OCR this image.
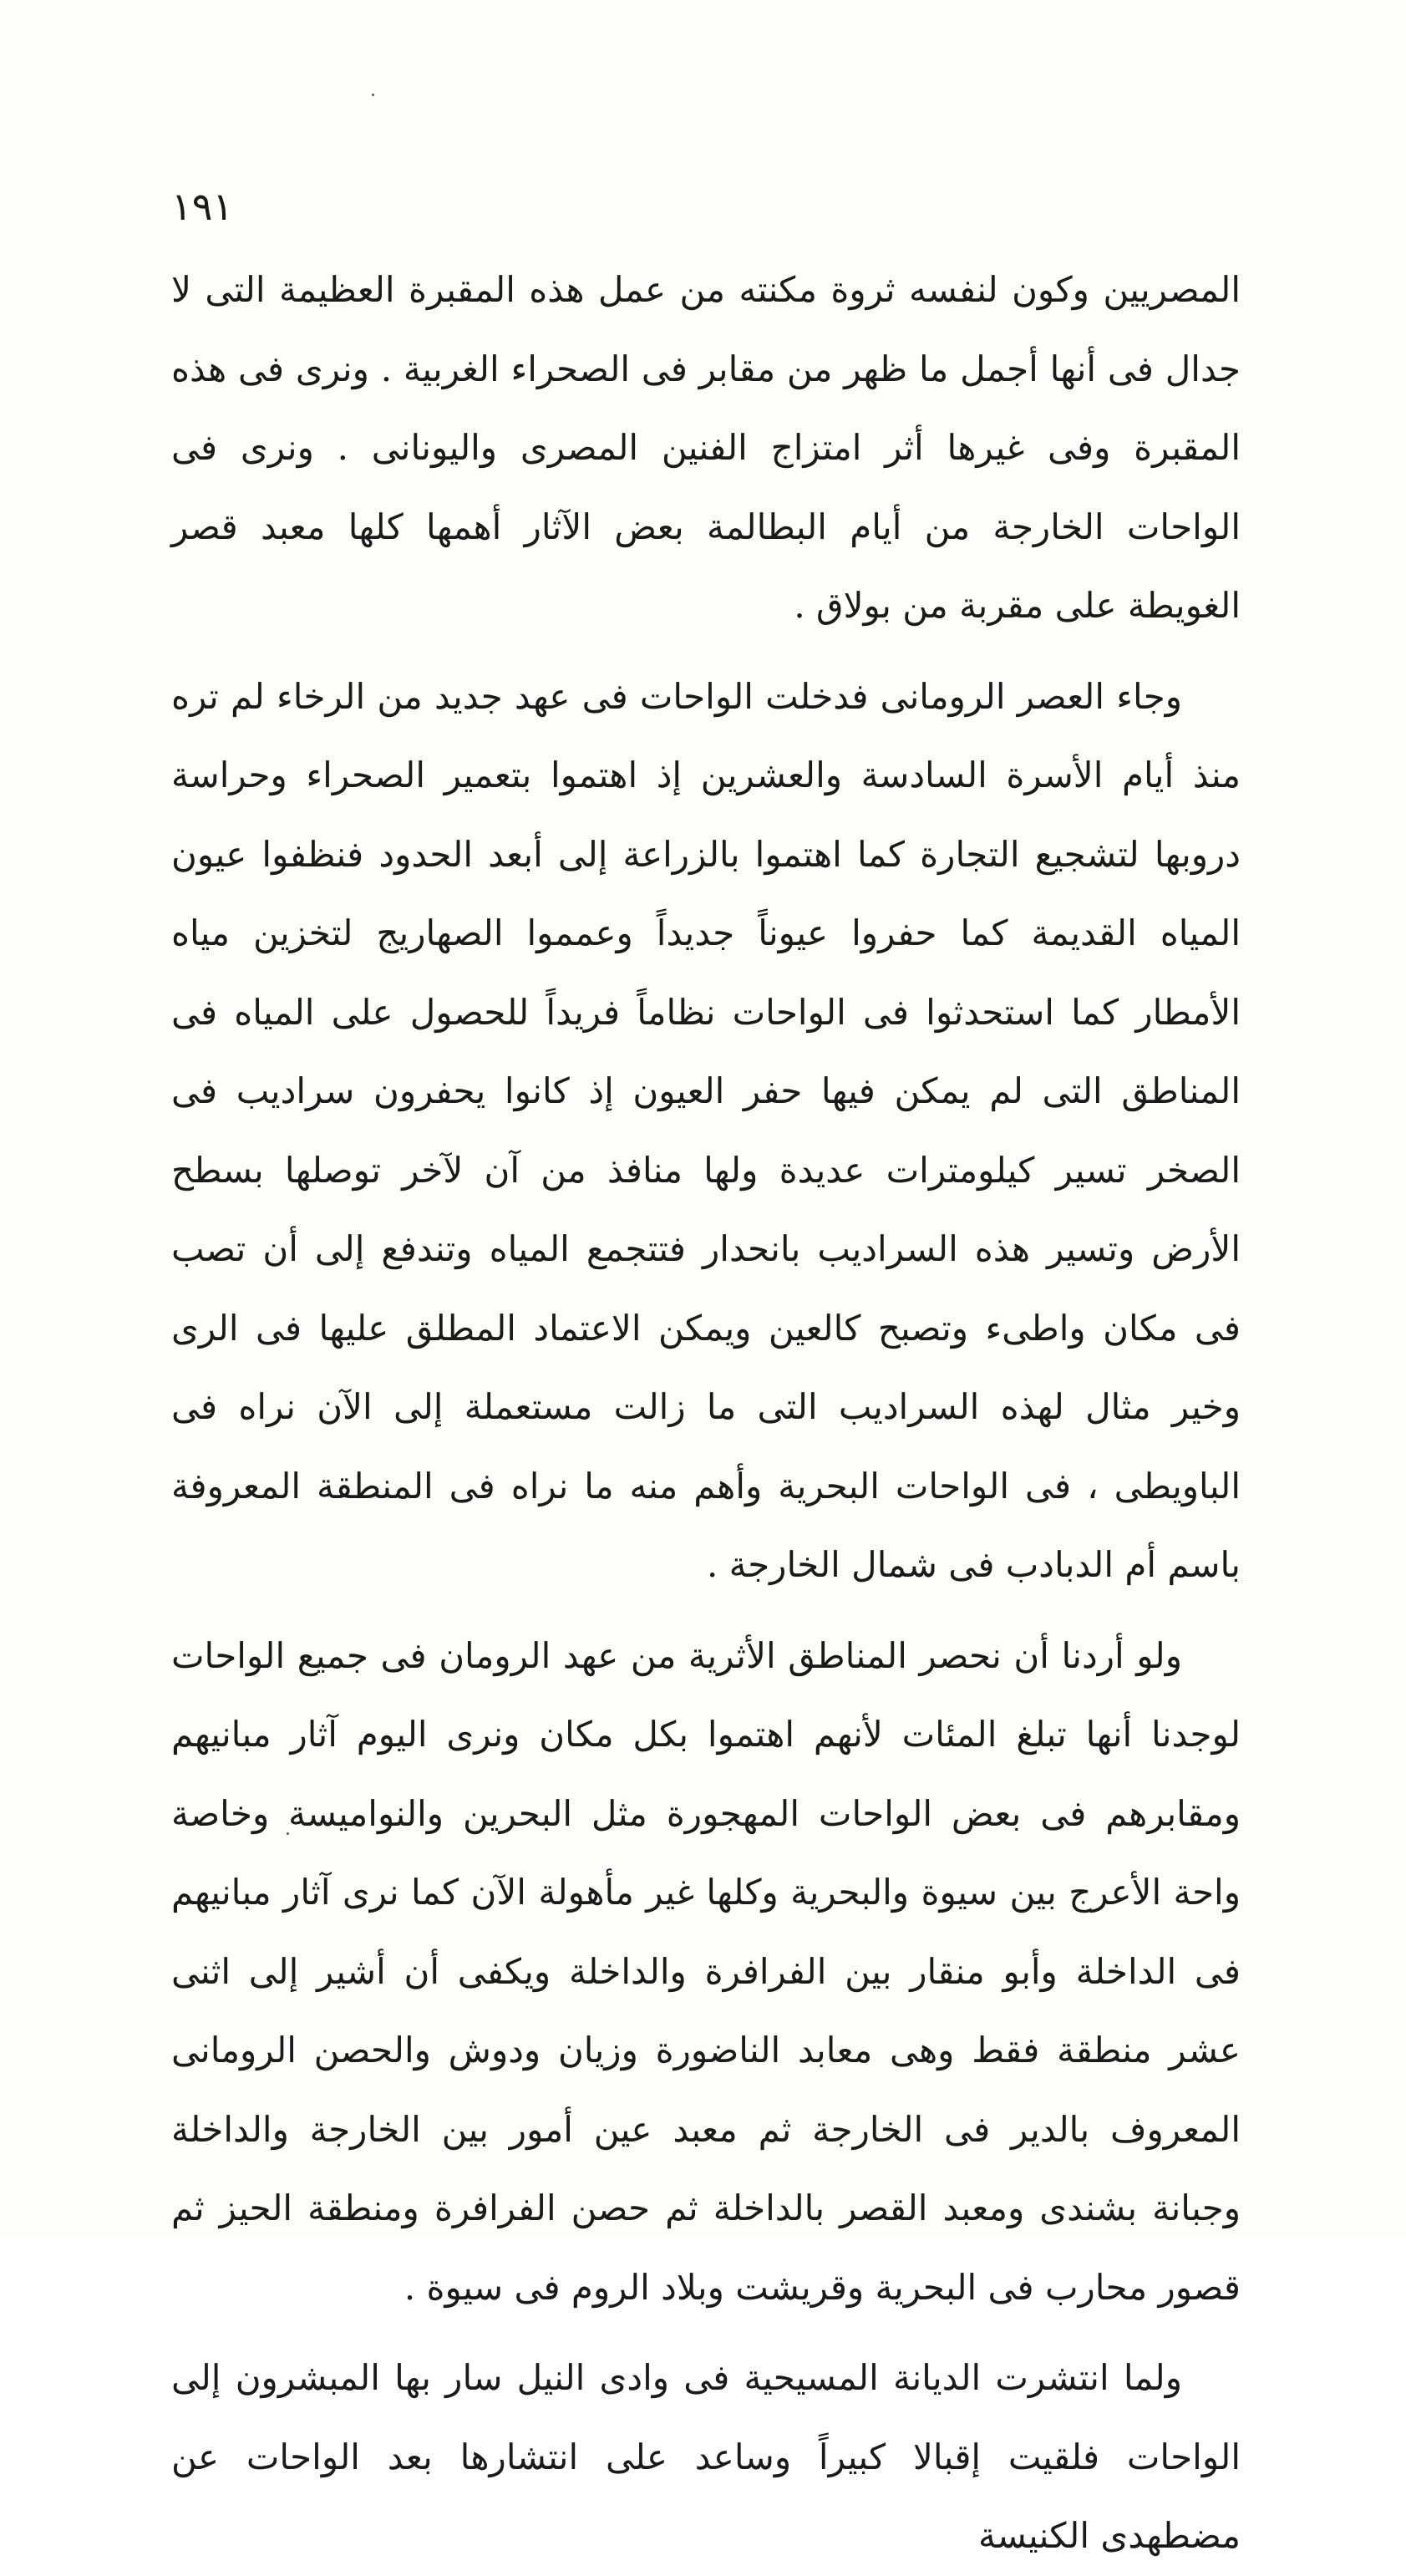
١٩١

المصريين وكون لنفسه ثروة مكنته من عمل هذه المقبرة العظيمة التى لا جدال فى أنها أجمل ما ظهر من مقابر فى الصحراء الغربية . ونرى فى هذه المقبرة وفى غيرها أثر امتزاج الفنين المصرى واليونانى . ونرى فى الواحات الخارجة من أيام البطالمة بعض الآثار أهمها كلها معبد قصر الغويطة على مقربة من بولاق .

وجاء العصر الرومانى فدخلت الواحات فى عهد جديد من الرخاء لم تره منذ أيام الأسرة السادسة والعشرين إذ اهتموا بتعمير الصحراء وحراسة دروبها لتشجيع التجارة كما اهتموا بالزراعة إلى أبعد الحدود فنظفوا عيون المياه القديمة كما حفروا عيوناً جديداً وعمموا الصهاريج لتخزين مياه الأمطار كما استحدثوا فى الواحات نظاماً فريداً للحصول على المياه فى المناطق التى لم يمكن فيها حفر العيون إذ كانوا يحفرون سراديب فى الصخر تسير كيلومترات عديدة ولها منافذ من آن لآخر توصلها بسطح الأرض وتسير هذه السراديب بانحدار فتتجمع المياه وتندفع إلى أن تصب فى مكان واطىء وتصبح كالعين ويمكن الاعتماد المطلق عليها فى الرى وخير مثال لهذه السراديب التى ما زالت مستعملة إلى الآن نراه فى الباويطى ، فى الواحات البحرية وأهم منه ما نراه فى المنطقة المعروفة باسم أم الدبادب فى شمال الخارجة .

ولو أردنا أن نحصر المناطق الأثرية من عهد الرومان فى جميع الواحات لوجدنا أنها تبلغ المئات لأنهم اهتموا بكل مكان ونرى اليوم آثار مبانيهم ومقابرهم فى بعض الواحات المهجورة مثل البحرين والنواميسة وخاصة واحة الأعرج بين سيوة والبحرية وكلها غير مأهولة الآن كما نرى آثار مبانيهم فى الداخلة وأبو منقار بين الفرافرة والداخلة ويكفى أن أشير إلى اثنى عشر منطقة فقط وهى معابد الناضورة وزيان ودوش والحصن الرومانى المعروف بالدير فى الخارجة ثم معبد عين أمور بين الخارجة والداخلة وجبانة بشندى ومعبد القصر بالداخلة ثم حصن الفرافرة ومنطقة الحيز ثم قصور محارب فى البحرية وقريشت وبلاد الروم فى سيوة .

ولما انتشرت الديانة المسيحية فى وادى النيل سار بها المبشرون إلى الواحات فلقيت إقبالا كبيراً وساعد على انتشارها بعد الواحات عن مضطهدى الكنيسة
